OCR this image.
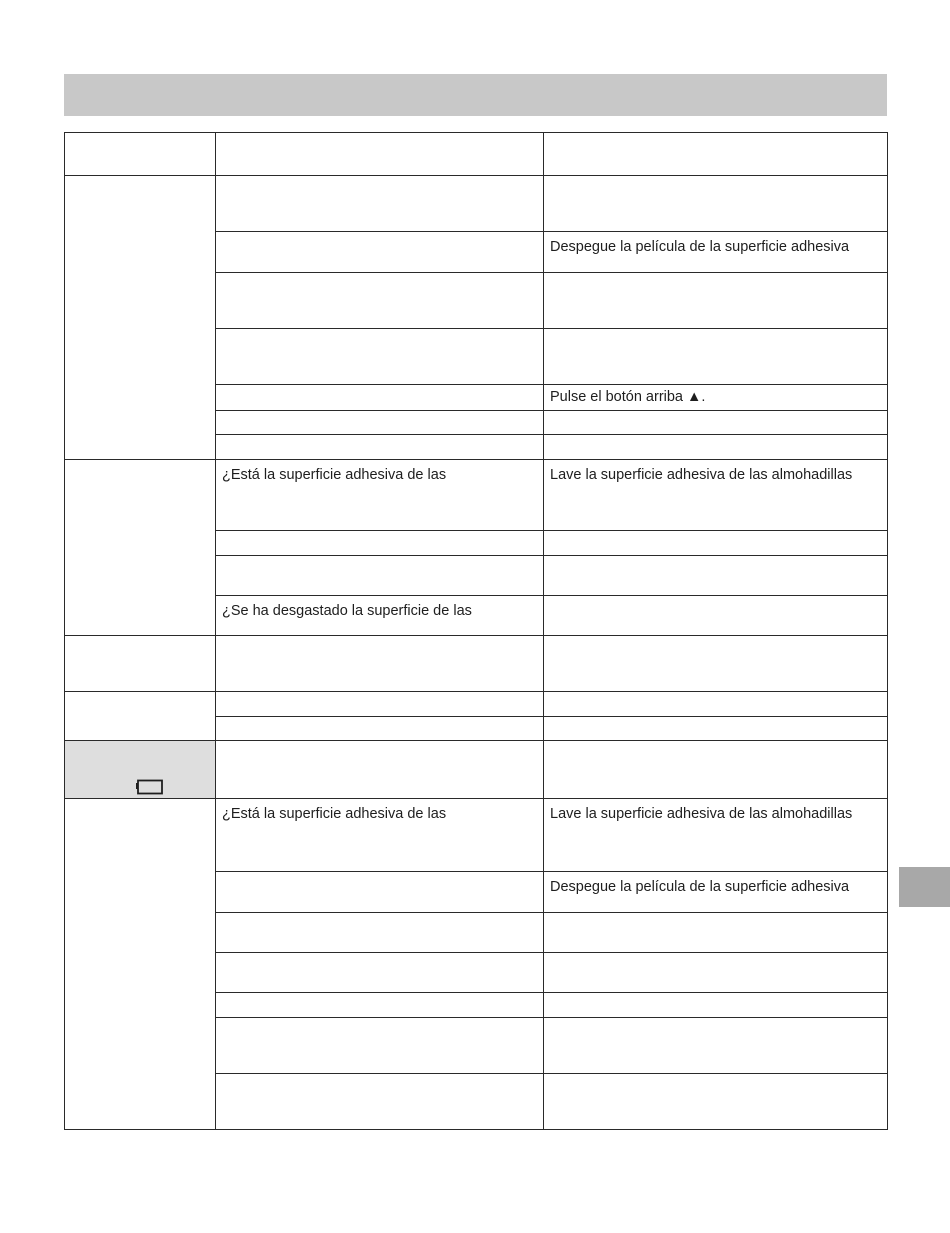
		Despegue la película de la superficie adhesiva

		Pulse el botón arriba ▲.

	¿Está la superficie adhesiva de las	Lave la superficie adhesiva de las almohadillas

	¿Se ha desgastado la superficie de las	

	¿Está la superficie adhesiva de las	Lave la superficie adhesiva de las almohadillas
		Despegue la película de la superficie adhesiva
